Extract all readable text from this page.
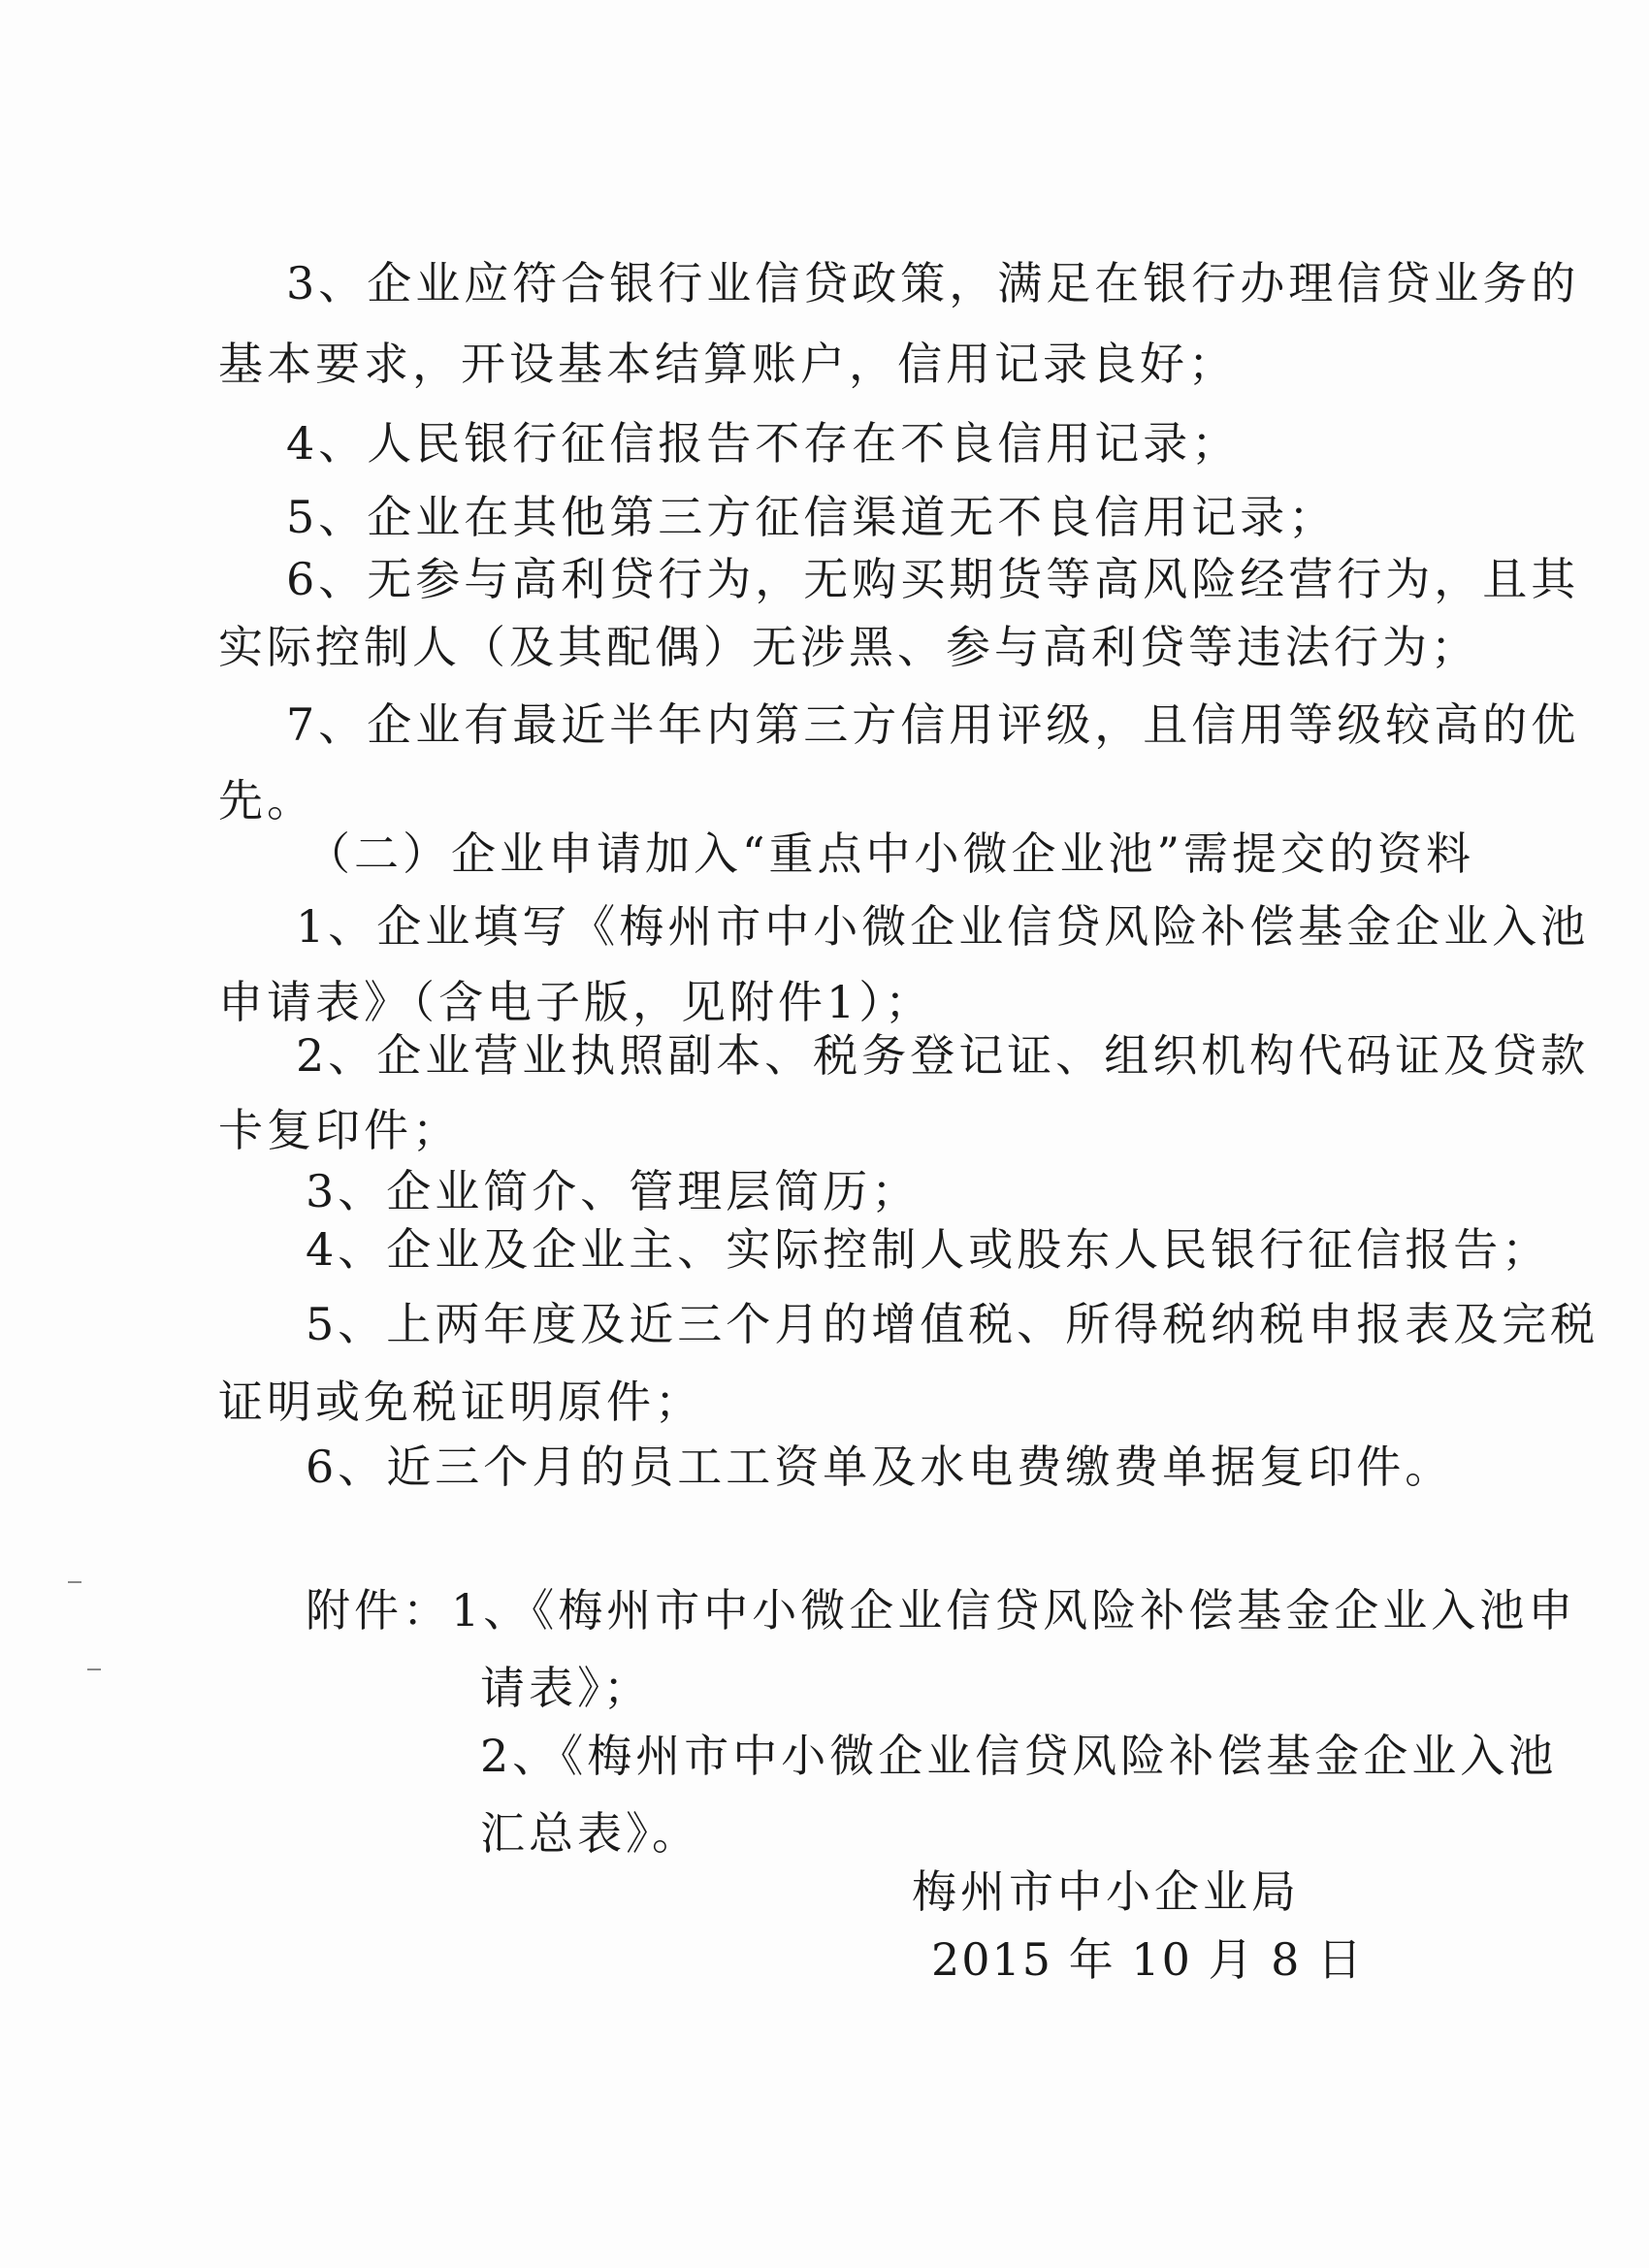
3、企业应符合银行业信贷政策，满足在银行办理信贷业务的
基本要求，开设基本结算账户，信用记录良好；
4、人民银行征信报告不存在不良信用记录；
5、企业在其他第三方征信渠道无不良信用记录；
6、无参与高利贷行为，无购买期货等高风险经营行为，且其
实际控制人（及其配偶）无涉黑、参与高利贷等违法行为；
7、企业有最近半年内第三方信用评级，且信用等级较高的优
先。
（二）企业申请加入“重点中小微企业池”需提交的资料
1、企业填写《梅州市中小微企业信贷风险补偿基金企业入池
申请表》（含电子版，见附件1）；
2、企业营业执照副本、税务登记证、组织机构代码证及贷款
卡复印件；
3、企业简介、管理层简历；
4、企业及企业主、实际控制人或股东人民银行征信报告；
5、上两年度及近三个月的增值税、所得税纳税申报表及完税
证明或免税证明原件；
6、近三个月的员工工资单及水电费缴费单据复印件。
附件：1、《梅州市中小微企业信贷风险补偿基金企业入池申
请表》；
2、《梅州市中小微企业信贷风险补偿基金企业入池
汇总表》。
梅州市中小企业局
2015 年 10 月 8 日
